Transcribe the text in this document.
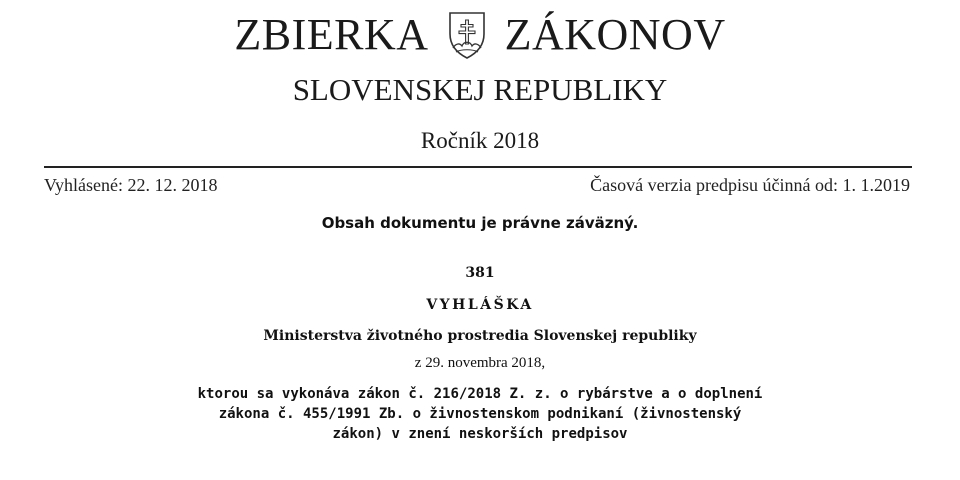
ZBIERKA ZÁKONOV
SLOVENSKEJ REPUBLIKY
Ročník 2018
Vyhlásené: 22. 12. 2018	Časová verzia predpisu účinná od: 1. 1.2019
Obsah dokumentu je právne záväzný.
381
VYHLÁŠKA
Ministerstva životného prostredia Slovenskej republiky
z 29. novembra 2018,
ktorou sa vykonáva zákon č. 216/2018 Z. z. o rybárstve a o doplnení
zákona č. 455/1991 Zb. o živnostenskom podnikaní (živnostenský
zákon) v znení neskorších predpisov
